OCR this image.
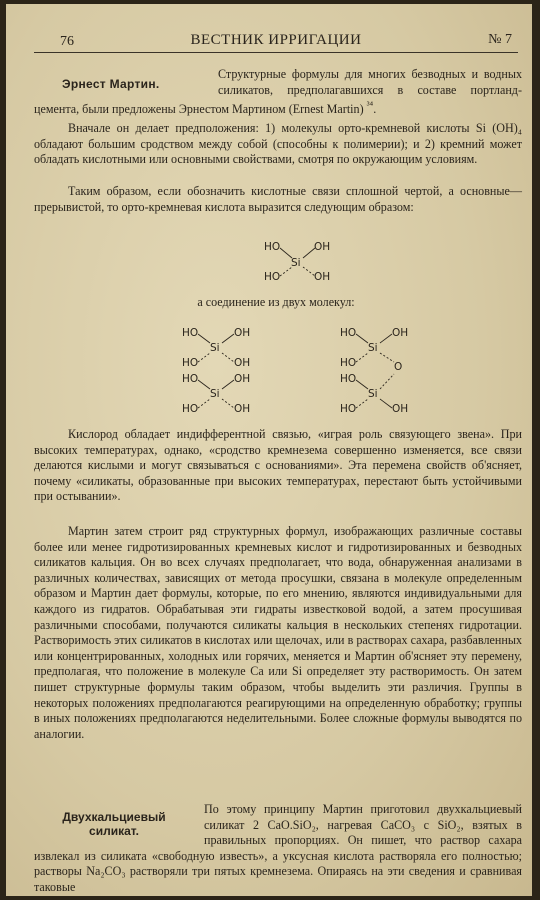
76	ВЕСТНИК ИРРИГАЦИИ	№ 7
Эрнест Мартин.
Структурные формулы для многих безводных и водных силикатов, предполагавшихся в составе портланд-цемента, были предложены Эрнестом Мартином (Ernest Martin) $^{^{34}}$.
Вначале он делает предположения: 1) молекулы орто-кремневой кислоты Si (OH)₄ обладают большим сродством между собой (способны к полимерии); и 2) кремний может обладать кислотными или основными свойствами, смотря по окружающим условиям.
Таким образом, если обозначить кислотные связи сплошной чертой, а основные—прерывистой, то орто-кремневая кислота выразится следующим образом:
HO	OH
Si
HO	OH
HO	OH
Si
HO	OH
HO	OH
Si
HO	OH
HO	OH
Si
HO	O
HO
Si
HO	OH
а соединение из двух молекул:
Кислород обладает индифферентной связью, «играя роль связующего звена». При высоких температурах, однако, «сродство кремнезема совершенно изменяется, все связи делаются кислыми и могут связываться с основаниями». Эта перемена свойств об'ясняет, почему «силикаты, образованные при высоких температурах, перестают быть устойчивыми при остывании».
Мартин затем строит ряд структурных формул, изображающих различные составы более или менее гидротизированных кремневых кислот и гидротизированных и безводных силикатов кальция. Он во всех случаях предполагает, что вода, обнаруженная анализами в различных количествах, зависящих от метода просушки, связана в молекуле определенным образом и Мартин дает формулы, которые, по его мнению, являются индивидуальными для каждого из гидратов. Обрабатывая эти гидраты известковой водой, а затем просушивая различными способами, получаются силикаты кальция в нескольких степенях гидротации. Растворимость этих силикатов в кислотах или щелочах, или в растворах сахара, разбавленных или концентрированных, холодных или горячих, меняется и Мартин об'ясняет эту перемену, предполагая, что положение в молекуле Ca или Si определяет эту растворимость. Он затем пишет структурные формулы таким образом, чтобы выделить эти различия. Группы в некоторых положениях предполагаются реагирующими на определенную обработку; группы в иных положениях предполагаются неделительными. Более сложные формулы выводятся по аналогии.
Двухкальциевый
силикат.
По этому принципу Мартин приготовил двухкальциевый силикат 2 CaO.SiO₂, нагревая CaCO₃ с SiO₂, взятых в правильных пропорциях. Он пишет, что раствор сахара извлекал из силиката «свободную известь», а уксусная кислота растворяла его полностью; растворы Na₂CO₃ растворяли три пятых кремнезема. Опираясь на эти сведения и сравнивая таковые
